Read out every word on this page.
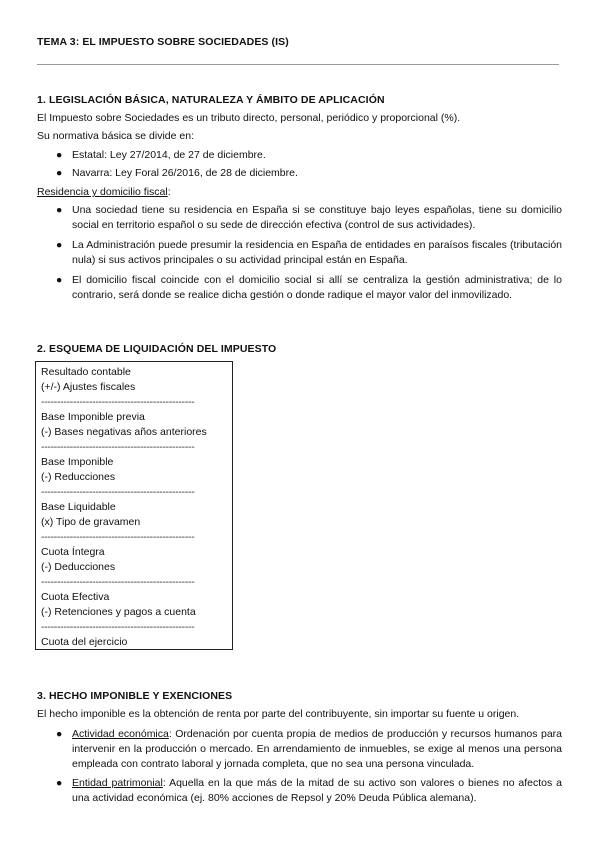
TEMA 3: EL IMPUESTO SOBRE SOCIEDADES (IS)
1. LEGISLACIÓN BÁSICA, NATURALEZA Y ÁMBITO DE APLICACIÓN
El Impuesto sobre Sociedades es un tributo directo, personal, periódico y proporcional (%).
Su normativa básica se divide en:
● Estatal: Ley 27/2014, de 27 de diciembre.
● Navarra: Ley Foral 26/2016, de 28 de diciembre.
Residencia y domicilio fiscal:
● Una sociedad tiene su residencia en España si se constituye bajo leyes españolas, tiene su domicilio social en territorio español o su sede de dirección efectiva (control de sus actividades).
● La Administración puede presumir la residencia en España de entidades en paraísos fiscales (tributación nula) si sus activos principales o su actividad principal están en España.
● El domicilio fiscal coincide con el domicilio social si allí se centraliza la gestión administrativa; de lo contrario, será donde se realice dicha gestión o donde radique el mayor valor del inmovilizado.
2. ESQUEMA DE LIQUIDACIÓN DEL IMPUESTO
Resultado contable
(+/-) Ajustes fiscales
------------------------------------------------
Base Imponible previa
(-) Bases negativas años anteriores
------------------------------------------------
Base Imponible
(-) Reducciones
------------------------------------------------
Base Liquidable
(x) Tipo de gravamen
------------------------------------------------
Cuota Íntegra
(-) Deducciones
------------------------------------------------
Cuota Efectiva
(-) Retenciones y pagos a cuenta
------------------------------------------------
Cuota del ejercicio
3. HECHO IMPONIBLE Y EXENCIONES
El hecho imponible es la obtención de renta por parte del contribuyente, sin importar su fuente u origen.
● Actividad económica: Ordenación por cuenta propia de medios de producción y recursos humanos para intervenir en la producción o mercado. En arrendamiento de inmuebles, se exige al menos una persona empleada con contrato laboral y jornada completa, que no sea una persona vinculada.
● Entidad patrimonial: Aquella en la que más de la mitad de su activo son valores o bienes no afectos a una actividad económica (ej. 80% acciones de Repsol y 20% Deuda Pública alemana).
